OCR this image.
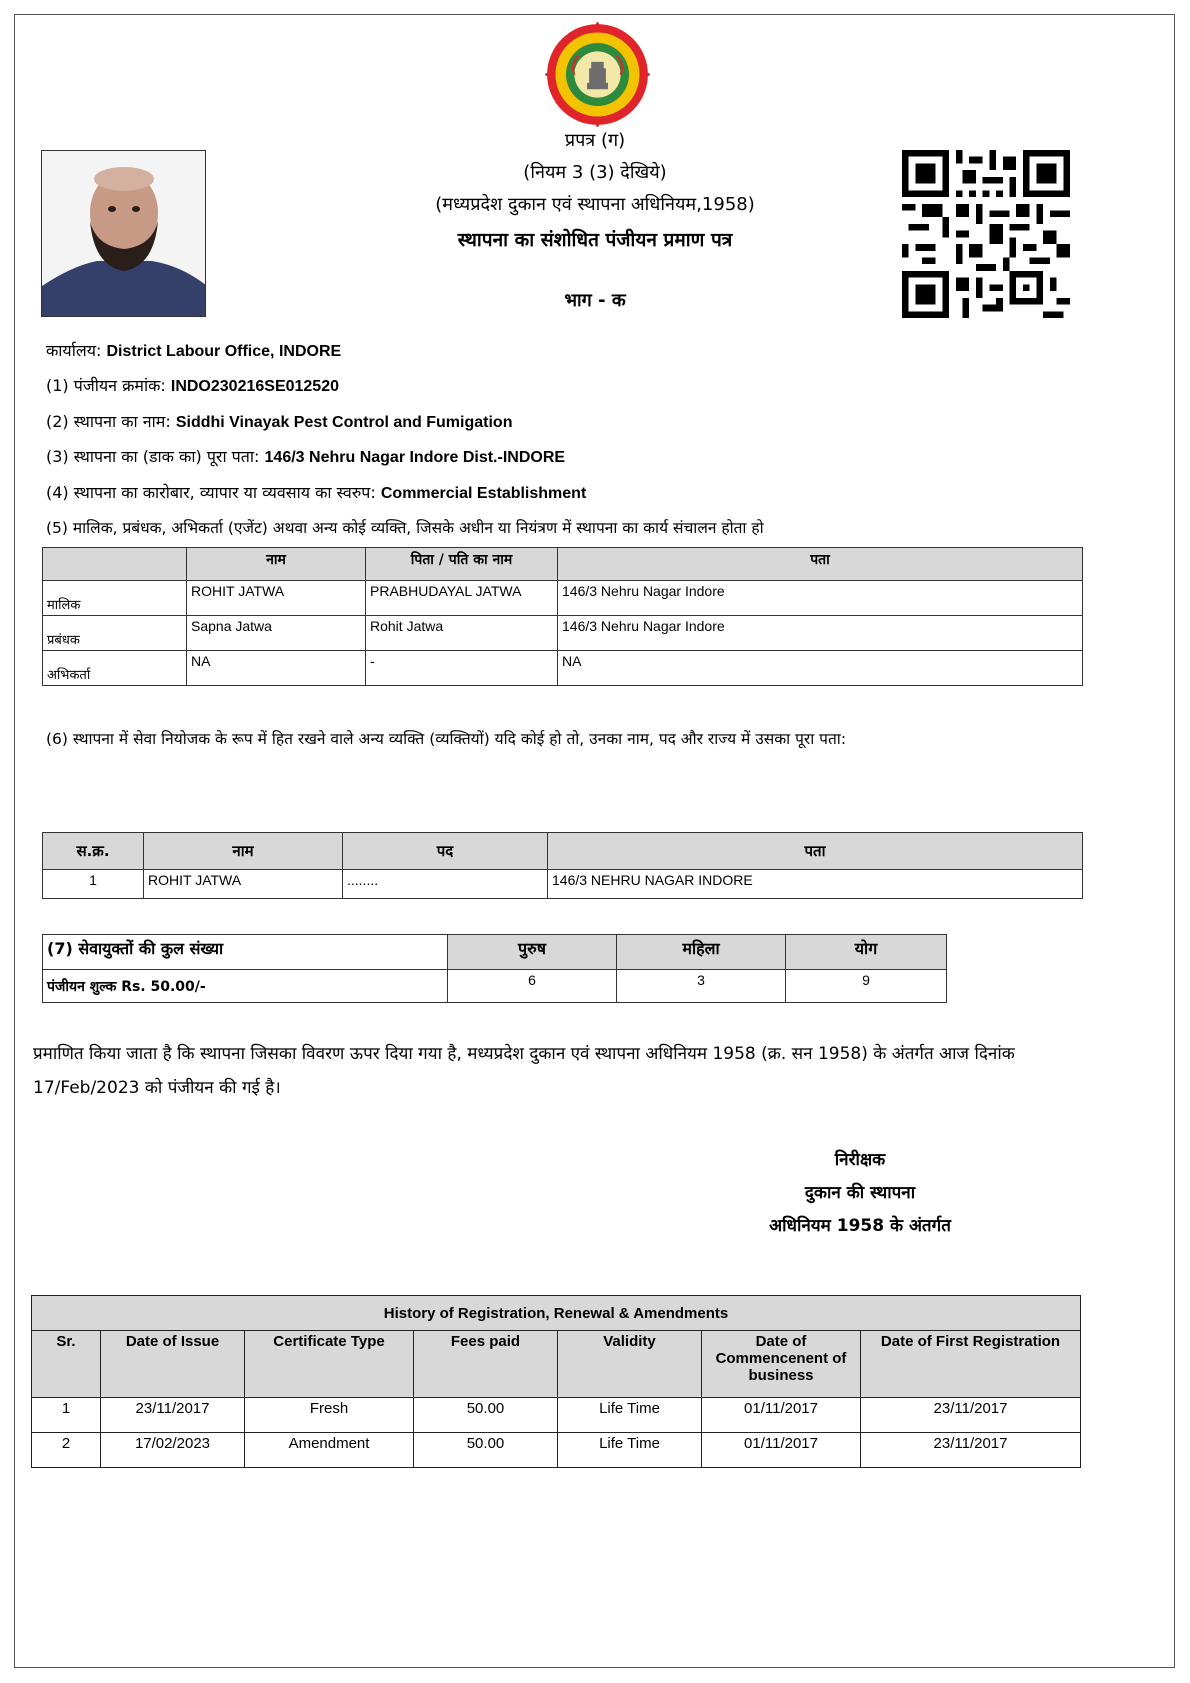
प्रपत्र (ग)
(नियम 3 (3) देखिये)
(मध्यप्रदेश दुकान एवं स्थापना अधिनियम,1958)
स्थापना का संशोधित पंजीयन प्रमाण पत्र
भाग - क
कार्यालय: District Labour Office, INDORE
(1) पंजीयन क्रमांक: INDO230216SE012520
(2) स्थापना का नाम: Siddhi Vinayak Pest Control and Fumigation
(3) स्थापना का (डाक का) पूरा पता: 146/3 Nehru Nagar Indore Dist.-INDORE
(4) स्थापना का कारोबार, व्यापार या व्यवसाय का स्वरुप: Commercial Establishment
(5) मालिक, प्रबंधक, अभिकर्ता (एजेंट) अथवा अन्य कोई व्यक्ति, जिसके अधीन या नियंत्रण में स्थापना का कार्य संचालन होता हो
	नाम	पिता / पति का नाम	पता
मालिक	ROHIT JATWA	PRABHUDAYAL JATWA	146/3 Nehru Nagar Indore
प्रबंधक	Sapna Jatwa	Rohit Jatwa	146/3 Nehru Nagar Indore
अभिकर्ता	NA	-	NA
(6) स्थापना में सेवा नियोजक के रूप में हित रखने वाले अन्य व्यक्ति (व्यक्तियों) यदि कोई हो तो, उनका नाम, पद और राज्य में उसका पूरा पता:
स.क्र.	नाम	पद	पता
1	ROHIT JATWA	........	146/3 NEHRU NAGAR INDORE
(7) सेवायुक्तों की कुल संख्या	पुरुष	महिला	योग
पंजीयन शुल्क Rs. 50.00/-	6	3	9
प्रमाणित किया जाता है कि स्थापना जिसका विवरण ऊपर दिया गया है, मध्यप्रदेश दुकान एवं स्थापना अधिनियम 1958 (क्र. सन 1958) के अंतर्गत आज दिनांक 17/Feb/2023 को पंजीयन की गई है।
निरीक्षक
दुकान की स्थापना
अधिनियम 1958 के अंतर्गत
History of Registration, Renewal & Amendments						
Sr.	Date of Issue	Certificate Type	Fees paid	Validity	Date of Commencenent of business	Date of First Registration
1	23/11/2017	Fresh	50.00	Life Time	01/11/2017	23/11/2017
2	17/02/2023	Amendment	50.00	Life Time	01/11/2017	23/11/2017
